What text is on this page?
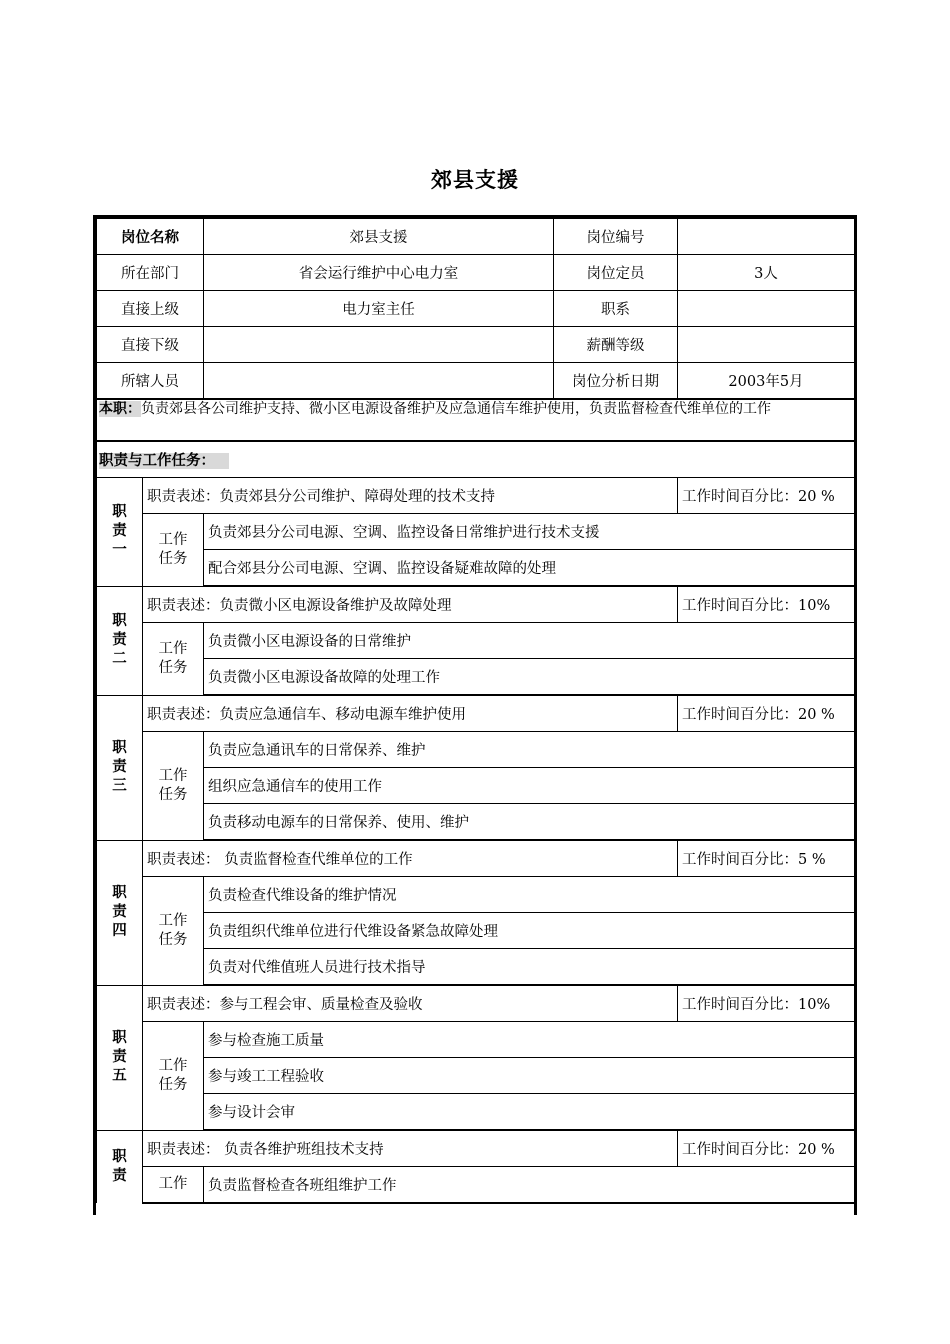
郊县支援
岗位名称		郊县支援	岗位编号	
所在部门		省会运行维护中心电力室	岗位定员	3人
直接上级		电力室主任	职系	
直接下级			薪酬等级	
所辖人员			岗位分析日期	2003年5月
本职：负责郊县各公司维护支持、微小区电源设备维护及应急通信车维护使用，负责监督检查代维单位的工作				
职责与工作任务：				
职责一	职责表述：负责郊县分公司维护、障碍处理的技术支持			工作时间百分比：20 %
	工作任务	负责郊县分公司电源、空调、监控设备日常维护进行技术支援		
		配合郊县分公司电源、空调、监控设备疑难故障的处理		
职责二	职责表述：负责微小区电源设备维护及故障处理			工作时间百分比：10%
	工作任务	负责微小区电源设备的日常维护		
		负责微小区电源设备故障的处理工作		
职责三	职责表述：负责应急通信车、移动电源车维护使用			工作时间百分比：20 %
	工作任务	负责应急通讯车的日常保养、维护		
		组织应急通信车的使用工作		
		负责移动电源车的日常保养、使用、维护		
职责四	职责表述： 负责监督检查代维单位的工作			工作时间百分比：5 %
	工作任务	负责检查代维设备的维护情况		
		负责组织代维单位进行代维设备紧急故障处理		
		负责对代维值班人员进行技术指导		
职责五	职责表述：参与工程会审、质量检查及验收			工作时间百分比：10%
	工作任务	参与检查施工质量		
		参与竣工工程验收		
		参与设计会审		
职责	职责表述： 负责各维护班组技术支持			工作时间百分比：20 %
	工作	负责监督检查各班组维护工作		
